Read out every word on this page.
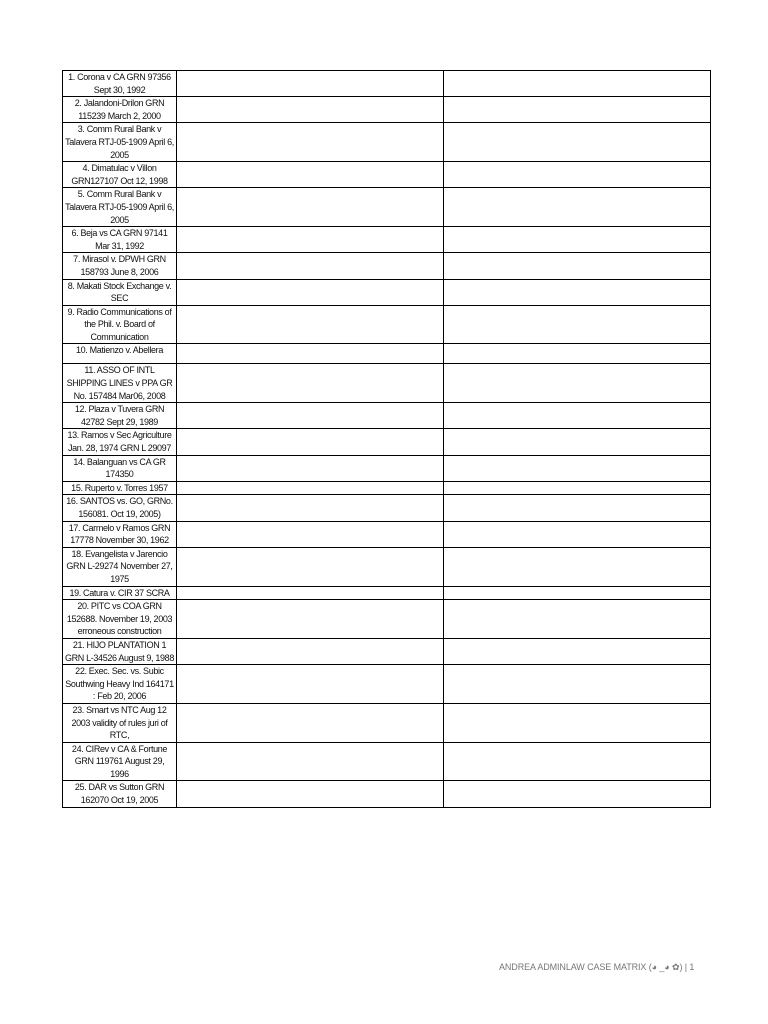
1. Corona v CA GRN 97356 Sept 30, 1992		
2. Jalandoni-Drilon GRN 115239 March 2, 2000		
3. Comm Rural Bank v Talavera RTJ-05-1909 April 6, 2005		
4. Dimatulac v Villon GRN127107 Oct 12, 1998		
5. Comm Rural Bank v Talavera RTJ-05-1909 April 6, 2005		
6. Beja vs CA GRN 97141 Mar 31, 1992		
7. Mirasol v. DPWH GRN 158793 June 8, 2006		
8. Makati Stock Exchange v. SEC		
9. Radio Communications of the Phil. v. Board of Communication		
10. Matienzo v. Abellera		
11. ASSO OF INTL SHIPPING LINES v PPA GR No. 157484 Mar06, 2008		
12. Plaza v Tuvera GRN 42782 Sept 29, 1989		
13. Ramos v Sec Agriculture Jan. 28, 1974 GRN L 29097		
14. Balanguan vs CA GR 174350		
15. Ruperto v. Torres 1957		
16. SANTOS vs. GO, GRNo. 156081. Oct 19, 2005)		
17. Carmelo v Ramos GRN 17778 November 30, 1962		
18. Evangelista v Jarencio GRN L-29274 November 27, 1975		
19. Catura v. CIR 37 SCRA		
20. PITC vs COA GRN 152688. November 19, 2003 erroneous construction		
21. HIJO PLANTATION 1 GRN L-34526 August 9, 1988		
22. Exec. Sec. vs. Subic Southwing Heavy Ind 164171 : Feb 20, 2006		
23. Smart vs NTC Aug 12 2003 validity of rules juri of RTC,		
24. CIRev v CA & Fortune GRN 119761 August 29, 1996		
25. DAR vs Sutton GRN 162070 Oct 19, 2005		
ANDREA ADMINLAW CASE MATRIX (◕ _◕ ✿) | 1
